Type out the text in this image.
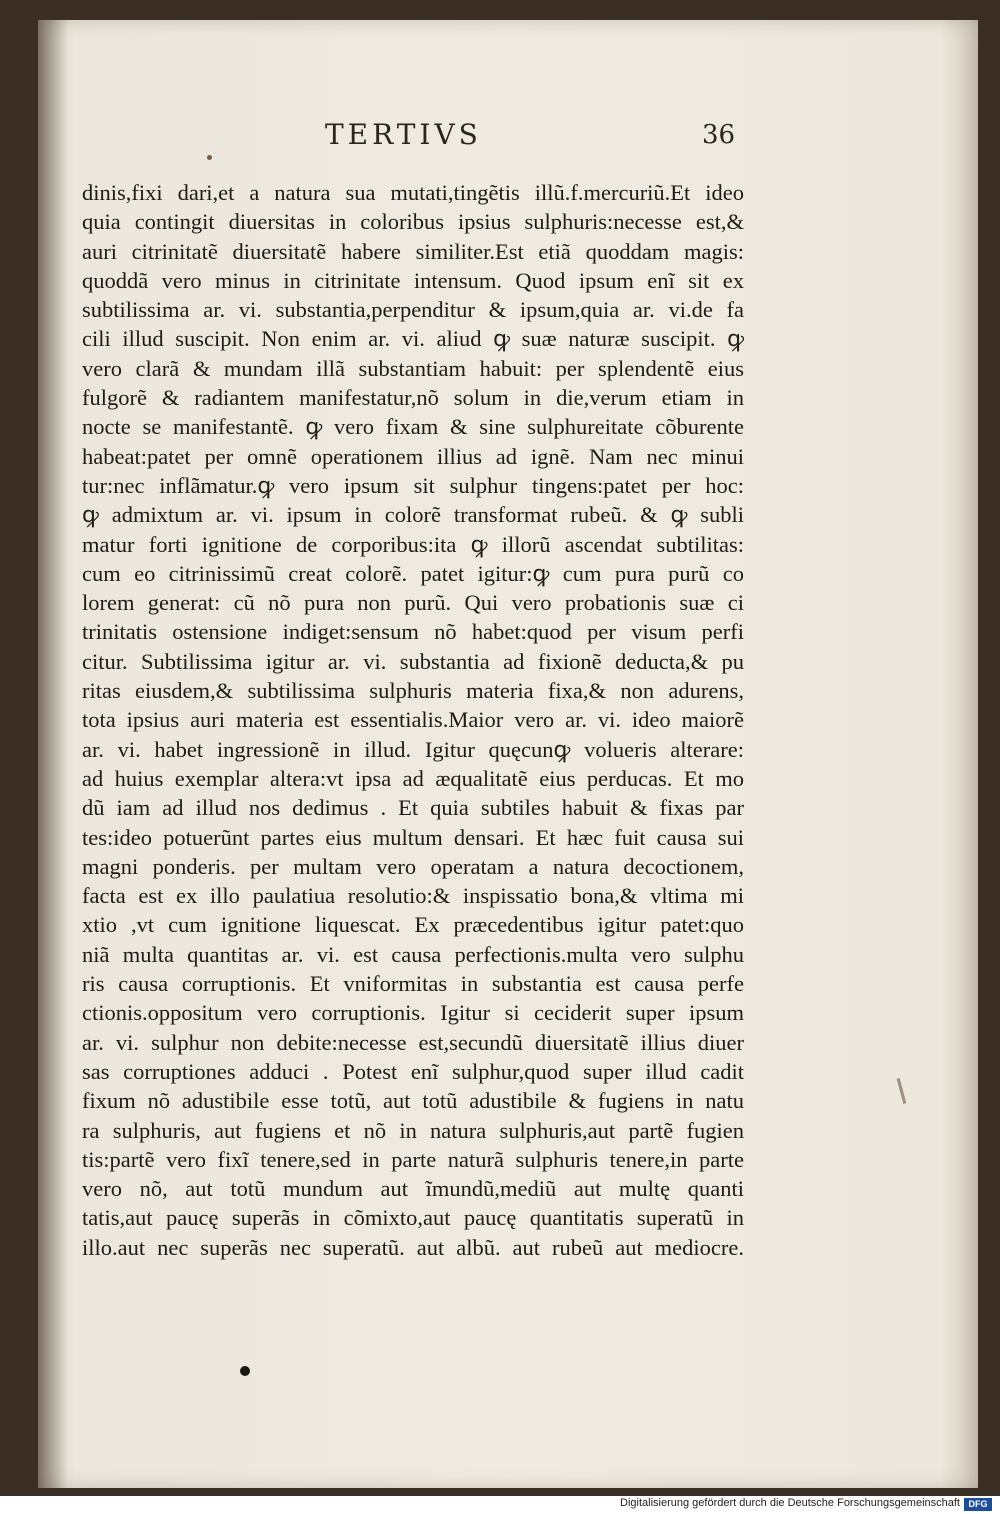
TERTIVS	36
dinis,fixi dari,et a natura sua mutati,tingẽtis illũ.f.mercuriũ.Et ideo
quia contingit diuersitas in coloribus ipsius sulphuris:necesse est,&
auri citrinitatẽ diuersitatẽ habere similiter.Est etiã quoddam magis:
quoddã vero minus in citrinitate intensum. Quod ipsum enĩ sit ex
subtilissima ar. vi. substantia,perpenditur & ipsum,quia ar. vi.de fa
cili illud suscipit. Non enim ar. vi. aliud ꝙ suæ naturæ suscipit. ꝙ
vero clarã & mundam illã substantiam habuit: per splendentẽ eius
fulgorẽ & radiantem manifestatur,nõ solum in die,verum etiam in
nocte se manifestantẽ. ꝙ vero fixam & sine sulphureitate cõburente
habeat:patet per omnẽ operationem illius ad ignẽ. Nam nec minui
tur:nec inflãmatur.ꝙ vero ipsum sit sulphur tingens:patet per hoc:
ꝙ admixtum ar. vi. ipsum in colorẽ transformat rubeũ. & ꝙ subli
matur forti ignitione de corporibus:ita ꝙ illorũ ascendat subtilitas:
cum eo citrinissimũ creat colorẽ. patet igitur:ꝙ cum pura purũ co
lorem generat: cũ nõ pura non purũ. Qui vero probationis suæ ci
trinitatis ostensione indiget:sensum nõ habet:quod per visum perfi
citur. Subtilissima igitur ar. vi. substantia ad fixionẽ deducta,& pu
ritas eiusdem,& subtilissima sulphuris materia fixa,& non adurens,
tota ipsius auri materia est essentialis.Maior vero ar. vi. ideo maiorẽ
ar. vi. habet ingressionẽ in illud. Igitur quęcunꝙ volueris alterare:
ad huius exemplar altera:vt ipsa ad æqualitatẽ eius perducas. Et mo
dũ iam ad illud nos dedimus . Et quia subtiles habuit & fixas par
tes:ideo potuerũnt partes eius multum densari. Et hæc fuit causa sui
magni ponderis. per multam vero operatam a natura decoctionem,
facta est ex illo paulatiua resolutio:& inspissatio bona,& vltima mi
xtio ,vt cum ignitione liquescat. Ex præcedentibus igitur patet:quo
niã multa quantitas ar. vi. est causa perfectionis.multa vero sulphu
ris causa corruptionis. Et vniformitas in substantia est causa perfe
ctionis.oppositum vero corruptionis. Igitur si ceciderit super ipsum
ar. vi. sulphur non debite:necesse est,secundũ diuersitatẽ illius diuer
sas corruptiones adduci . Potest enĩ sulphur,quod super illud cadit
fixum nõ adustibile esse totũ, aut totũ adustibile & fugiens in natu
ra sulphuris, aut fugiens et nõ in natura sulphuris,aut partẽ fugien
tis:partẽ vero fixĩ tenere,sed in parte naturã sulphuris tenere,in parte
vero nõ, aut totũ mundum aut ĩmundũ,mediũ aut multę quanti
tatis,aut paucę superãs in cõmixto,aut paucę quantitatis superatũ in
illo.aut nec superãs nec superatũ. aut albũ. aut rubeũ aut mediocre.
Digitalisierung gefördert durch die Deutsche Forschungsgemeinschaft DFG
